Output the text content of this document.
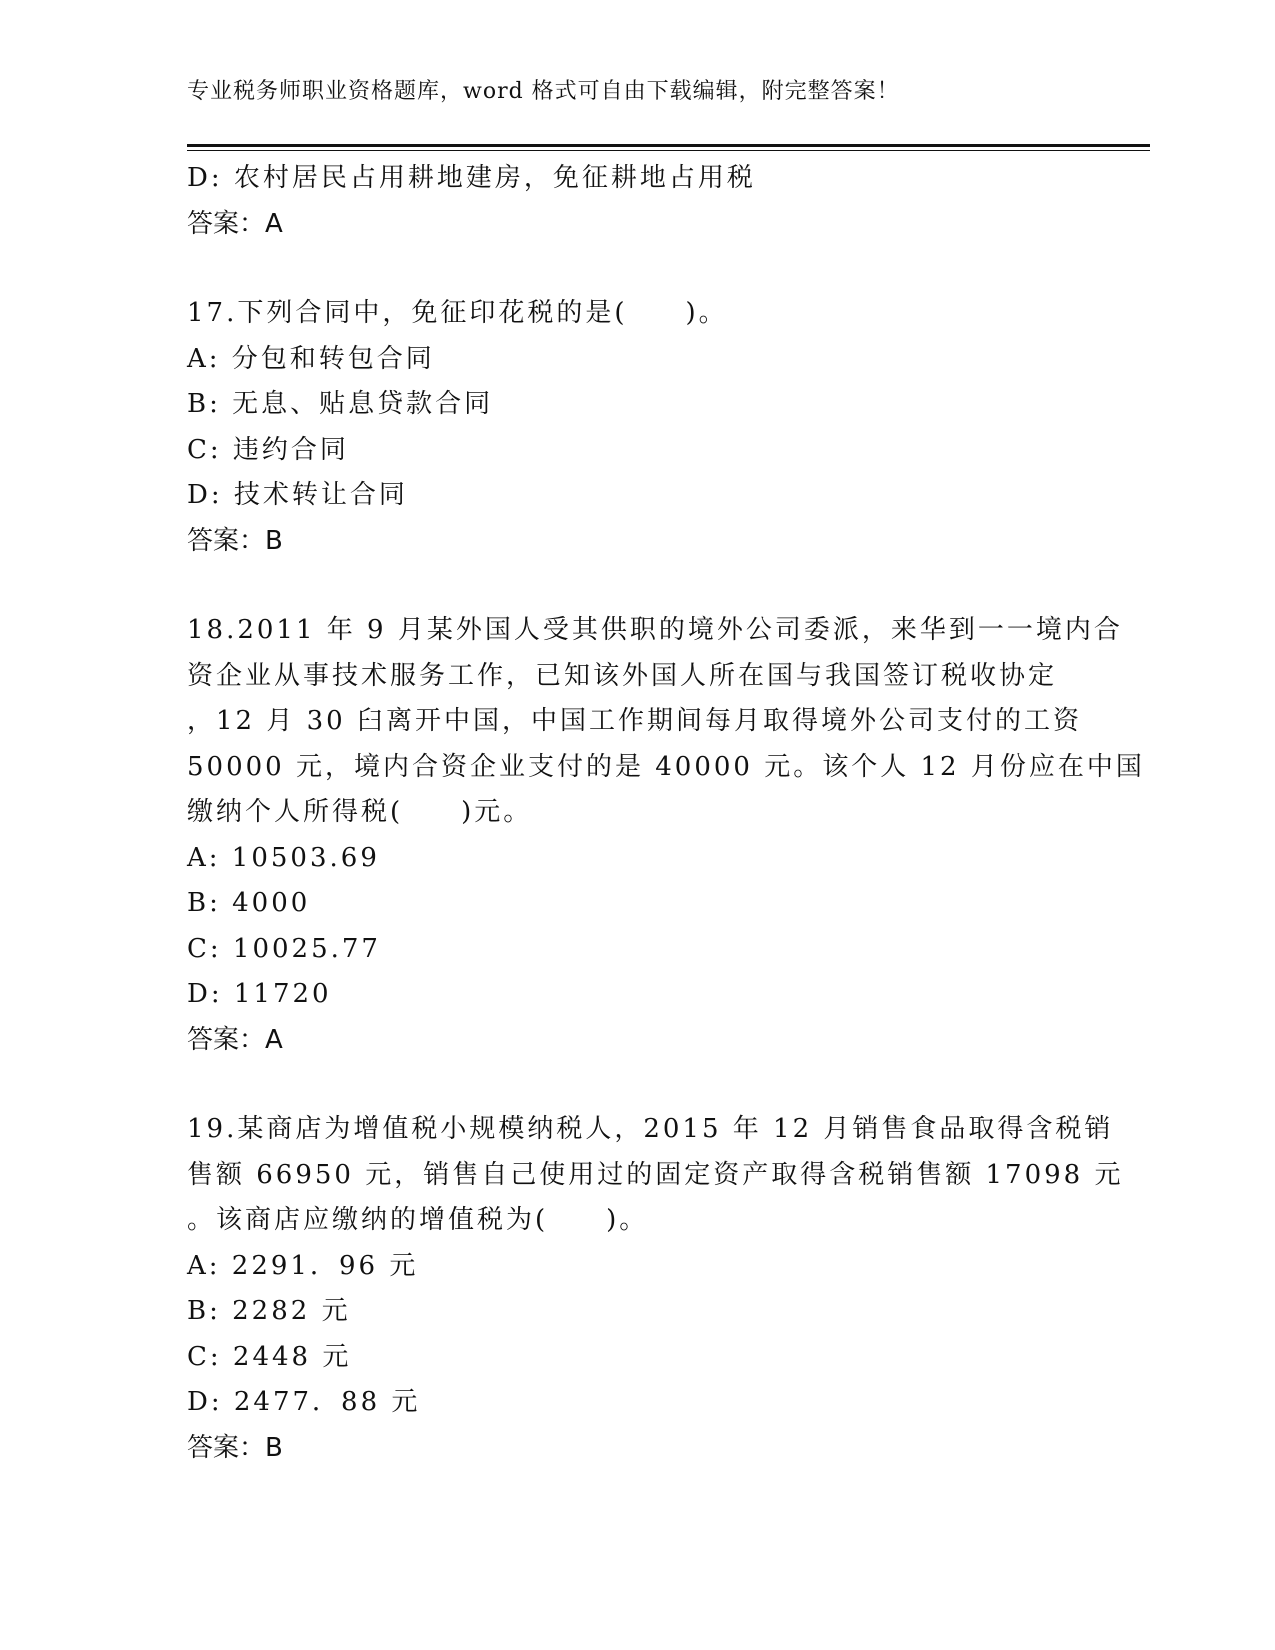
专业税务师职业资格题库，word 格式可自由下载编辑，附完整答案！
D: 农村居民占用耕地建房，免征耕地占用税
答案：A
17.下列合同中，免征印花税的是(　　)。
A: 分包和转包合同
B: 无息、贴息贷款合同
C: 违约合同
D: 技术转让合同
答案：B
18.2011 年 9 月某外国人受其供职的境外公司委派，来华到一一境内合
资企业从事技术服务工作，已知该外国人所在国与我国签订税收协定
，12 月 30 臼离开中国，中国工作期间每月取得境外公司支付的工资
50000 元，境内合资企业支付的是 40000 元。该个人 12 月份应在中国
缴纳个人所得税(　　)元。
A: 10503.69
B: 4000
C: 10025.77
D: 11720
答案：A
19.某商店为增值税小规模纳税人，2015 年 12 月销售食品取得含税销
售额 66950 元，销售自己使用过的固定资产取得含税销售额 17098 元
。该商店应缴纳的增值税为(　　)。
A: 2291．96 元
B: 2282 元
C: 2448 元
D: 2477．88 元
答案：B
